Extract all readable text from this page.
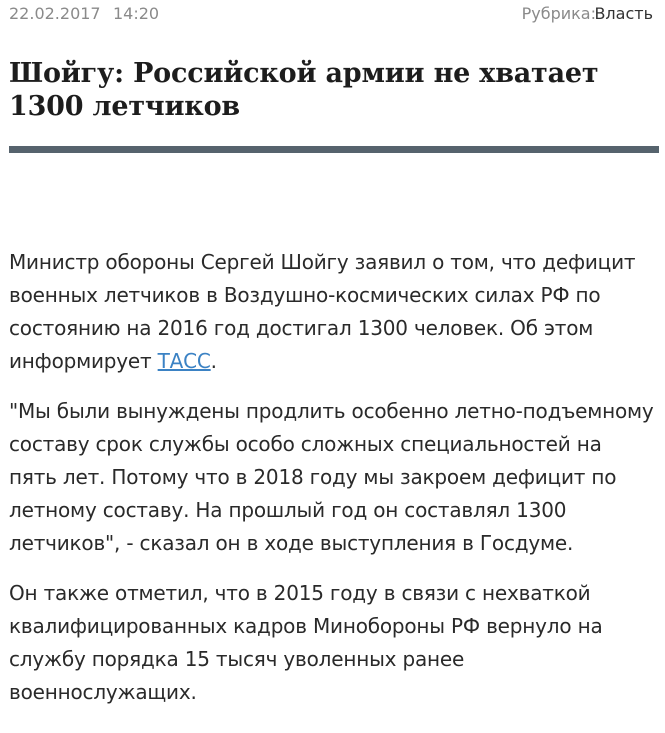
22.02.2017 14:20	Рубрика:
Власть
Шойгу: Российской армии не хватает 1300 летчиков

Министр обороны Сергей Шойгу заявил о том, что дефицит военных летчиков в Воздушно-космических силах РФ по состоянию на 2016 год достигал 1300 человек. Об этом информирует ТАСС.

"Мы были вынуждены продлить особенно летно-подъемному составу срок службы особо сложных специальностей на пять лет. Потому что в 2018 году мы закроем дефицит по летному составу. На прошлый год он составлял 1300 летчиков", - сказал он в ходе выступления в Госдуме.

Он также отметил, что в 2015 году в связи с нехваткой квалифицированных кадров Минобороны РФ вернуло на службу порядка 15 тысяч уволенных ранее военнослужащих.
